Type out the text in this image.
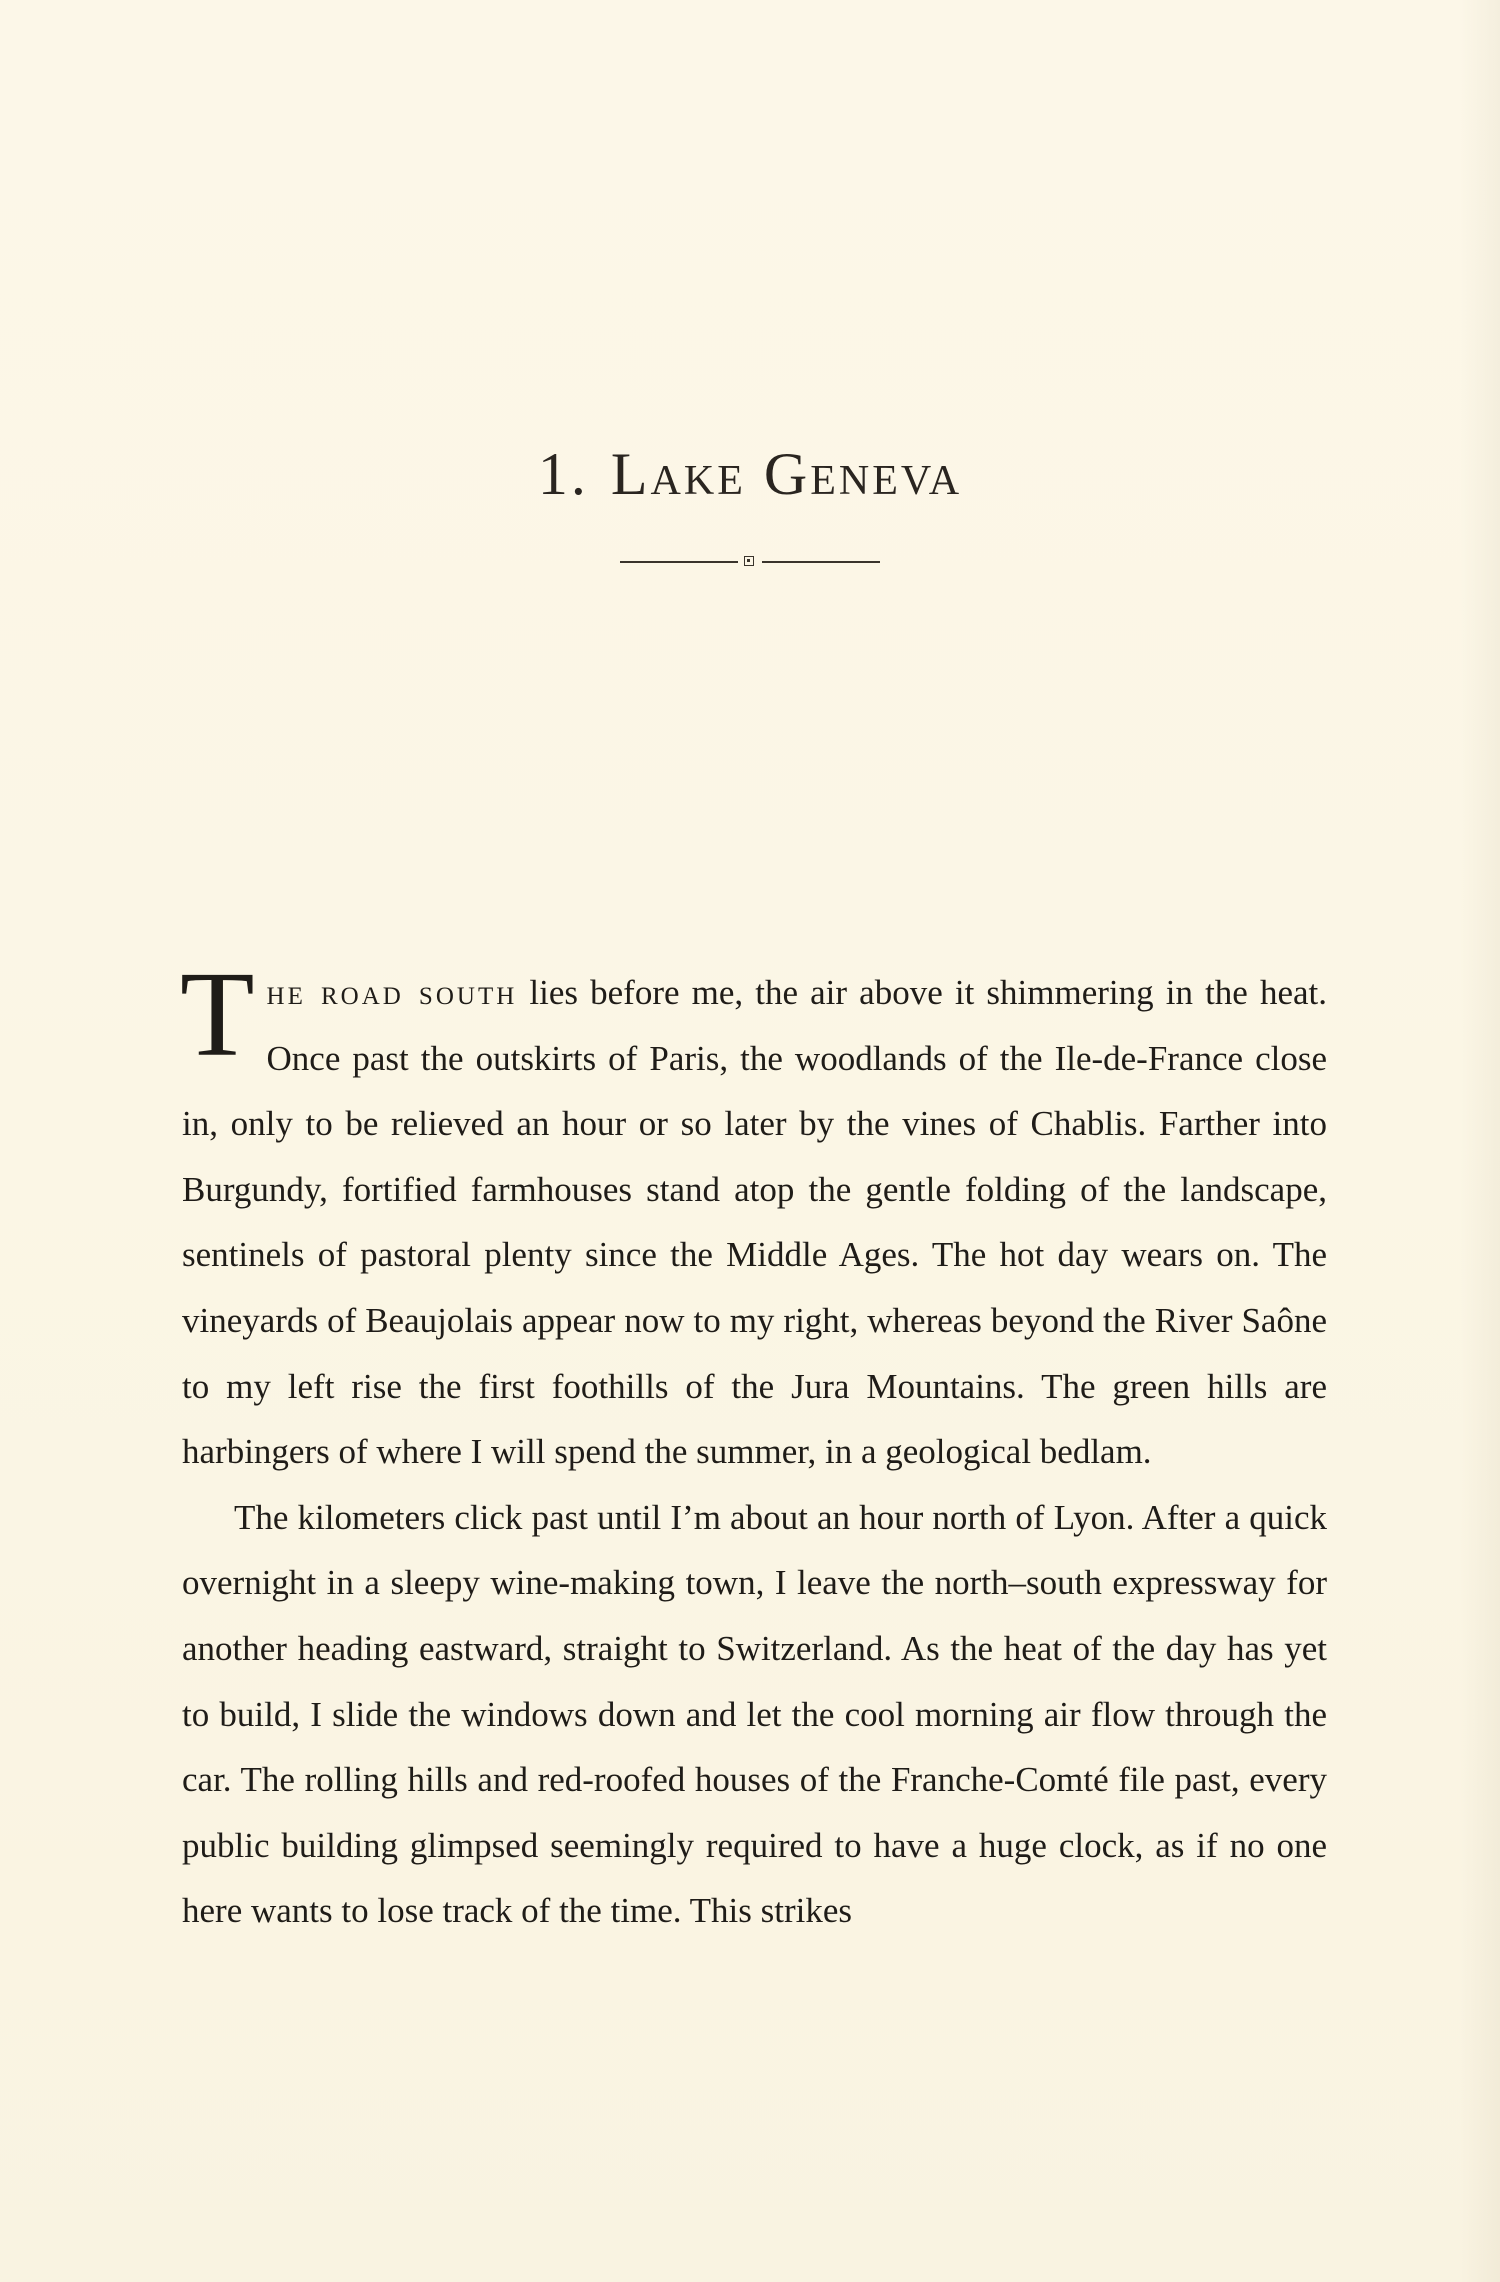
1. Lake Geneva

The road south lies before me, the air above it shimmering in the heat. Once past the outskirts of Paris, the woodlands of the Ile-de-France close in, only to be relieved an hour or so later by the vines of Chablis. Farther into Burgundy, fortified farmhouses stand atop the gentle folding of the landscape, sentinels of pastoral plenty since the Middle Ages. The hot day wears on. The vineyards of Beaujolais appear now to my right, whereas beyond the River Saône to my left rise the first foothills of the Jura Mountains. The green hills are harbingers of where I will spend the summer, in a geological bedlam.

The kilometers click past until I’m about an hour north of Lyon. After a quick overnight in a sleepy wine-making town, I leave the north–south expressway for another heading eastward, straight to Switzerland. As the heat of the day has yet to build, I slide the windows down and let the cool morning air flow through the car. The rolling hills and red-roofed houses of the Franche-Comté file past, every public building glimpsed seemingly required to have a huge clock, as if no one here wants to lose track of the time. This strikes
